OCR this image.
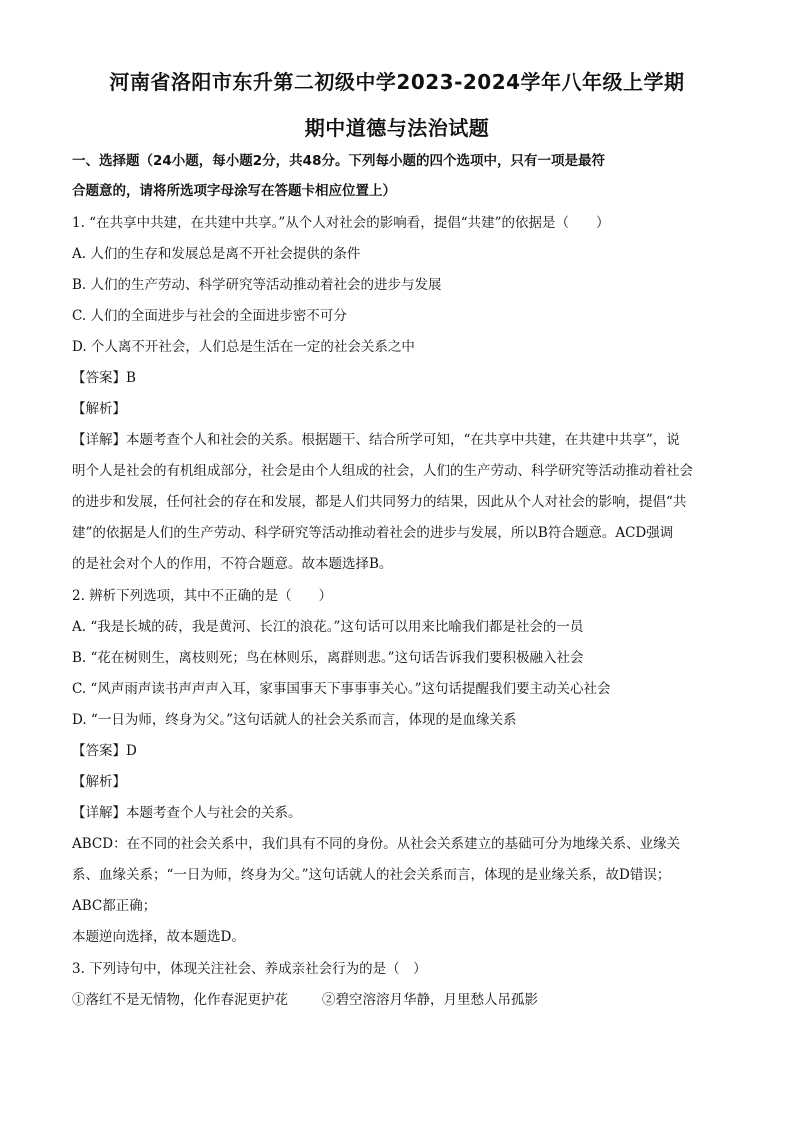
河南省洛阳市东升第二初级中学2023-2024学年八年级上学期
期中道德与法治试题
一、选择题（24小题，每小题2分，共48分。下列每小题的四个选项中，只有一项是最符
合题意的，请将所选项字母涂写在答题卡相应位置上）
1. “在共享中共建，在共建中共享。”从个人对社会的影响看，提倡“共建”的依据是（　　）
A. 人们的生存和发展总是离不开社会提供的条件
B. 人们的生产劳动、科学研究等活动推动着社会的进步与发展
C. 人们的全面进步与社会的全面进步密不可分
D. 个人离不开社会，人们总是生活在一定的社会关系之中
【答案】B
【解析】
【详解】本题考查个人和社会的关系。根据题干、结合所学可知，“在共享中共建，在共建中共享”，说
明个人是社会的有机组成部分，社会是由个人组成的社会，人们的生产劳动、科学研究等活动推动着社会
的进步和发展，任何社会的存在和发展，都是人们共同努力的结果，因此从个人对社会的影响，提倡“共
建”的依据是人们的生产劳动、科学研究等活动推动着社会的进步与发展，所以B符合题意。ACD强调
的是社会对个人的作用，不符合题意。故本题选择B。
2. 辨析下列选项，其中不正确的是（　　）
A. “我是长城的砖，我是黄河、长江的浪花。”这句话可以用来比喻我们都是社会的一员
B. “花在树则生，离枝则死；鸟在林则乐，离群则悲。”这句话告诉我们要积极融入社会
C. “风声雨声读书声声声入耳，家事国事天下事事事关心。”这句话提醒我们要主动关心社会
D. “一日为师，终身为父。”这句话就人的社会关系而言，体现的是血缘关系
【答案】D
【解析】
【详解】本题考查个人与社会的关系。
ABCD：在不同的社会关系中，我们具有不同的身份。从社会关系建立的基础可分为地缘关系、业缘关
系、血缘关系；“一日为师，终身为父。”这句话就人的社会关系而言，体现的是业缘关系，故D错误；
ABC都正确；
本题逆向选择，故本题选D。
3. 下列诗句中，体现关注社会、养成亲社会行为的是（　）
①落红不是无情物，化作春泥更护花	②碧空溶溶月华静，月里愁人吊孤影
